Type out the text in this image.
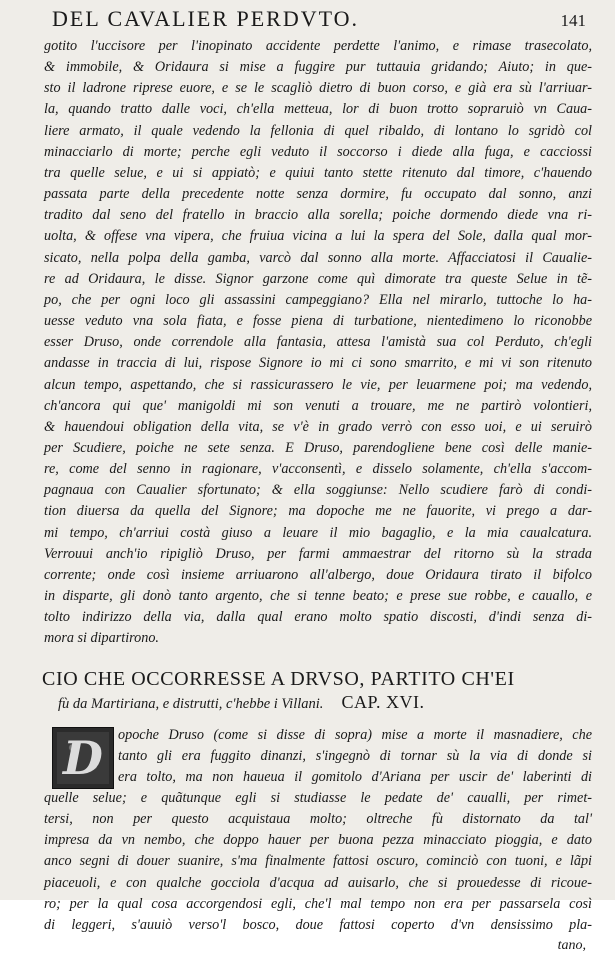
DEL CAVALIER PERDVTO.	141
gotito l'uccisore per l'inopinato accidente perdette l'animo, e rimase trasecolato,
& immobile, & Oridaura si mise a fuggire pur tuttauia gridando; Aiuto; in que-
sto il ladrone riprese euore, e se le scagliò dietro di buon corso, e già era sù l'arriuar-
la, quando tratto dalle voci, ch'ella metteua, lor di buon trotto sopraruiò vn Caua-
liere armato, il quale vedendo la fellonia di quel ribaldo, di lontano lo sgridò col
minacciarlo di morte; perche egli veduto il soccorso i diede alla fuga, e cacciossi
tra quelle selue, e ui si appiatò; e quiui tanto stette ritenuto dal timore, c'hauendo
passata parte della precedente notte senza dormire, fu occupato dal sonno, anzi
tradito dal seno del fratello in braccio alla sorella; poiche dormendo diede vna ri-
uolta, & offese vna vipera, che fruiua vicina a lui la spera del Sole, dalla qual mor-
sicato, nella polpa della gamba, varcò dal sonno alla morte. Affacciatosi il Caualie-
re ad Oridaura, le disse. Signor garzone come quì dimorate tra queste Selue in tẽ-
po, che per ogni loco gli assassini campeggiano? Ella nel mirarlo, tuttoche lo ha-
uesse veduto vna sola fiata, e fosse piena di turbatione, nientedimeno lo riconobbe
esser Druso, onde correndole alla fantasia, attesa l'amistà sua col Perduto, ch'egli
andasse in traccia di lui, rispose Signore io mi ci sono smarrito, e mi vi son ritenuto
alcun tempo, aspettando, che si rassicurassero le vie, per leuarmene poi; ma vedendo,
ch'ancora qui que' manigoldi mi son venuti a trouare, me ne partirò volontieri,
& hauendoui obligation della vita, se v'è in grado verrò con esso uoi, e ui seruirò
per Scudiere, poiche ne sete senza. E Druso, parendogliene bene così delle manie-
re, come del senno in ragionare, v'acconsentì, e disselo solamente, ch'ella s'accom-
pagnaua con Caualier sfortunato; & ella soggiunse: Nello scudiere farò di condi-
tion diuersa da quella del Signore; ma dopoche me ne fauorite, vi prego a dar-
mi tempo, ch'arriui costà giuso a leuare il mio bagaglio, e la mia caualcatura.
Verrouui anch'io ripigliò Druso, per farmi ammaestrar del ritorno sù la strada
corrente; onde così insieme arriuarono all'albergo, doue Oridaura tirato il bifolco
in disparte, gli donò tanto argento, che si tenne beato; e prese sue robbe, e cauallo, e
tolto indirizzo della via, dalla qual erano molto spatio discosti, d'indi senza di-
mora si dipartirono.
CIO CHE OCCORRESSE A DRVSO, PARTITO CH'EI
fù da Martiriana, e distrutti, c'hebbe i Villani. CAP. XVI.
D	opoche Druso (come si disse di sopra) mise a morte il masnadiere, che
tanto gli era fuggito dinanzi, s'ingegnò di tornar sù la via di donde si
era tolto, ma non haueua il gomitolo d'Ariana per uscir de' laberinti di
quelle selue; e quãtunque egli si studiasse le pedate de' caualli, per rimet-
tersi, non per questo acquistaua molto; oltreche fù distornato da tal'
impresa da vn nembo, che doppo hauer per buona pezza minacciato pioggia, e dato
anco segni di douer suanire, s'ma finalmente fattosi oscuro, cominciò con tuoni, e lãpi
piaceuoli, e con qualche gocciola d'acqua ad auisarlo, che si prouedesse di ricoue-
ro; per la qual cosa accorgendosi egli, che'l mal tempo non era per passarsela così
di leggeri, s'auuiò verso'l bosco, doue fattosi coperto d'vn densissimo pla-
tano,
